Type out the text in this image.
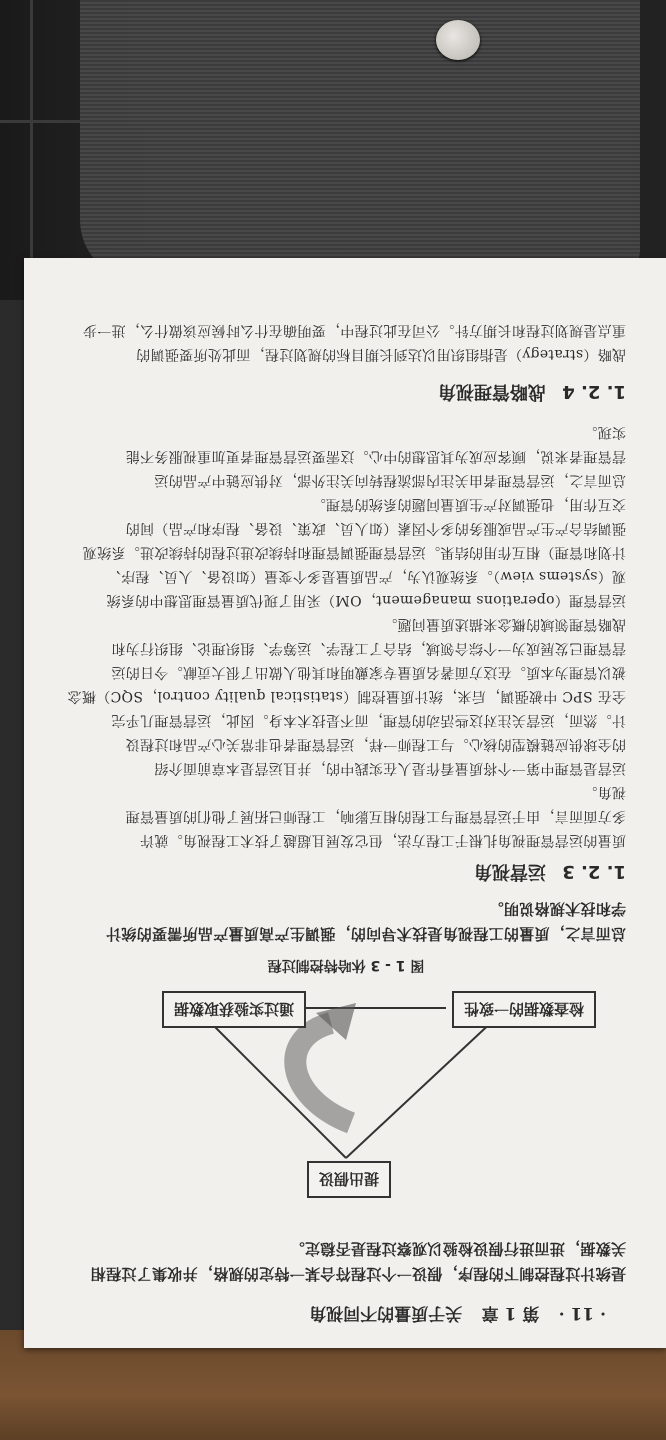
· 11 · 第 1 章 关于质量的不同视角

是统计过程控制下的程序，假设一个过程符合某一特定的规格，并收集了过程相

关数据，进而进行假设检验以观察过程是否稳定。

提出假设
检查数据的一致性
通过实验获取数据
图 1 - 3 休哈特控制过程

总而言之，质量的工程视角是技术导向的，强调生产高质量产品所需要的统计

学和技术规格说明。

1. 2. 3 运营视角

质量的运营管理视角扎根于工程方法，但它发展且超越了技术工程视角。就许

多方面而言，由于运营管理与工程的相互影响，工程师已拓展了他们的质量管理

视角。

运营是管理中第一个将质量看作是人在实践中的，并且运营是本章前面介绍

的全球供应链模型的核心。与工程师一样，运营管理者也非常关心产品和过程设

计。然而，运营关注对这些活动的管理，而不是技术本身。因此，运营管理几乎完

全在 SPC 中被强调，后来，统计质量控制（statistical quality control，SQC）概念

被以管理为本质。在这方面著名质量专家戴明和其他人做出了很大贡献。今日的运

营管理已发展成为一个综合领域，结合了工程学、运筹学、组织理论、组织行为和

战略管理领域的概念来描述质量问题。

运营管理（operations management，OM）采用了现代质量管理思想中的系统

观（systems view）。系统观认为，产品质量是多个变量（如设备、人员、程序、

计划和管理）相互作用的结果。运营管理强调管理和持续改进过程的持续改进。系统观

强调结合产生产品或服务的多个因素（如人员、政策、设备、程序和产品）间的

交互作用，也强调对产生质量问题的系统的管理。

总而言之，运营管理者由关注内部流程转向关注外部，对供应链中产品的运

营管理者来说，顾客应成为其思想的中心。这需要运营管理者更加重视服务不能

实现。

1. 2. 4 战略管理视角

战略（strategy）是指组织用以达到长期目标的规划过程，而此处所要强调的

重点是规划过程和长期方针。公司在此过程中，要明确在什么时候应该做什么，进一步
